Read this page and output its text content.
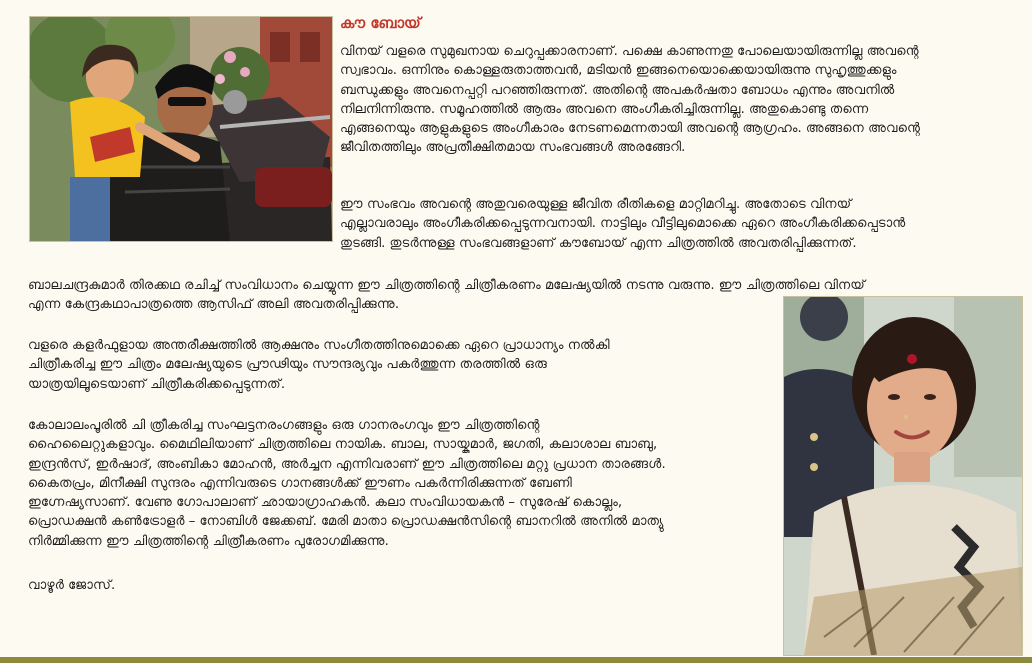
കൗ ബോയ്

വിനയ് വളരെ സുമുഖനായ ചെറുപ്പക്കാരനാണ്. പക്ഷെ കാണുന്നതു പോലെയായിരുന്നില്ല അവന്റെ
സ്വഭാവം. ഒന്നിനും കൊള്ളരുതാത്തവൻ, മടിയൻ ഇങ്ങനെയൊക്കെയായിരുന്നു സുഹൃത്തുക്കളും
ബന്ധുക്കളും അവനെപ്പറ്റി പറഞ്ഞിരുന്നത്. അതിന്റെ അപകർഷതാ ബോധം എന്നും അവനിൽ
നിലനിന്നിരുന്നു. സമൂഹത്തിൽ ആരും അവനെ അംഗീകരിച്ചിരുന്നില്ല. അതുകൊണ്ടു തന്നെ
എങ്ങനെയും ആളുകളുടെ അംഗീകാരം നേടണമെന്നതായി അവന്റെ ആഗ്രഹം. അങ്ങനെ അവന്റെ
ജീവിതത്തിലും അപ്രതീക്ഷിതമായ സംഭവങ്ങൾ അരങ്ങേറി.

ഈ സംഭവം അവന്റെ അതുവരെയുള്ള ജീവിത രീതികളെ മാറ്റിമറിച്ചു. അതോടെ വിനയ്
എല്ലാവരാലും അംഗീകരിക്കപ്പെടുന്നവനായി. നാട്ടിലും വീട്ടിലുമൊക്കെ ഏറെ അംഗീകരിക്കപ്പെടാൻ
തുടങ്ങി. തുടർന്നുള്ള സംഭവങ്ങളാണ് കൗബോയ് എന്ന ചിത്രത്തിൽ അവതരിപ്പിക്കുന്നത്.

ബാലചന്ദ്രകുമാർ തിരക്കഥ രചിച്ച് സംവിധാനം ചെയ്യുന്ന ഈ ചിത്രത്തിന്റെ ചിത്രീകരണം മലേഷ്യയിൽ നടന്നു വരുന്നു. ഈ ചിത്രത്തിലെ വിനയ്
എന്ന കേന്ദ്രകഥാപാത്രത്തെ ആസിഫ് അലി അവതരിപ്പിക്കുന്നു.

വളരെ കളർഫുളായ അന്തരീക്ഷത്തിൽ ആക്ഷനും സംഗീതത്തിനുമൊക്കെ ഏറെ പ്രാധാന്യം നൽകി
ചിത്രീകരിച്ച ഈ ചിത്രം മലേഷ്യയുടെ പ്രൗഢിയും സൗന്ദര്യവും പകർത്തുന്ന തരത്തിൽ ഒരു
യാത്രയിലൂടെയാണ് ചിത്രീകരിക്കപ്പെടുന്നത്.

കോലാലംപൂരിൽ ചി ത്രീകരിച്ച സംഘട്ടനരംഗങ്ങളും ഒരു ഗാനരംഗവും ഈ ചിത്രത്തിന്റെ
ഹൈലൈറ്റുകളാവും. മൈഥിലിയാണ് ചിത്രത്തിലെ നായിക. ബാല, സായ്കുമാർ, ജഗതി, കലാശാല ബാബു,
ഇന്ദ്രൻസ്, ഇർഷാദ്, അംബികാ മോഹൻ, അർച്ചന എന്നിവരാണ് ഈ ചിത്രത്തിലെ മറ്റു പ്രധാന താരങ്ങൾ.
കൈതപ്രം, മിനീക്ഷി സുന്ദരം എന്നിവരുടെ ഗാനങ്ങൾക്ക് ഈണം പകർന്നിരിക്കുന്നത് ബേണി
ഇഗ്നേഷ്യസാണ്. വേണു ഗോപാലാണ് ഛായാഗ്രാഹകൻ. കലാ സംവിധായകൻ – സുരേഷ് കൊല്ലം,
പ്രൊഡക്ഷൻ കൺട്രോളർ – നോബിൾ ജേക്കബ്. മേരി മാതാ പ്രൊഡക്ഷൻസിന്റെ ബാനറിൽ അനിൽ മാത്യു
നിർമ്മിക്കുന്ന ഈ ചിത്രത്തിന്റെ ചിത്രീകരണം പുരോഗമിക്കുന്നു.

വാഴൂർ ജോസ്.
